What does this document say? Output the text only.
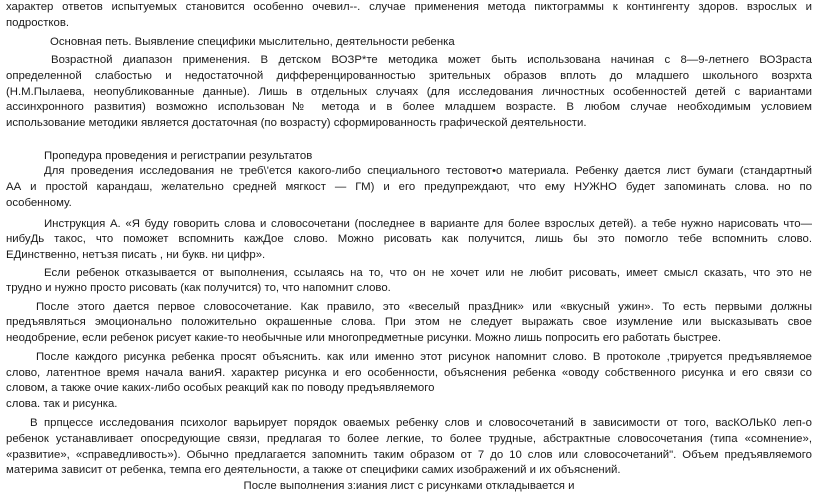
характер ответов испытуемых становится особенно очевил--. случае применения метода пиктограммы к контингенту здоров. взрослых и
подростков.
Основная петь. Выявление специфики мыслительно, деятельности ребенка
Возрастной диапазон применения. В детском ВОЗР*те методика может быть использована начиная с 8—9-летнего ВОЗраста
определенной слабостью и недостаточной дифференцированностью зрительных образов вплоть до младшего школьного возрхта
(Н.М.Пылаева, неопубликованные данные). Лишь в отдельных случаях (для исследования личностных особенностей детей с вариантами
ассинхронного развития) возможно использован№ метода и в более младшем возрасте. В любом случае необходимым условием
использование методики является достаточная (по возрасту) сформированность графической деятельности.
Пропедура проведения и регистрапии результатов
Для проведения исследования не треб\'ется какого-либо специального тестовот•о материала. Ребенку дается лист бумаги (стандартный
АА и простой карандаш, желательно средней мягкост — ГМ) и его предупреждают, что ему НУЖНО будет запоминать слова. но по
особенному.
Инструкция А. «Я буду говорить слова и словосочетани (последнее в варианте для более взрослых детей). а тебе нужно нарисовать что—
нибуДь такос, что поможет вспомнить кажДое слово. Можно рисовать как получится, лишь бы это помогло тебе вспомнить слово.
ЕДинственно, нетъзя писать , ни букв. ни цифр».
Если ребенок отказывается от выполнения, ссылаясь на то, что он не хочет или не любит рисовать, имеет смысл сказать, что это не
трудно и нужно просто рисовать (как получится) то, что напомнит слово.
После этого дается первое словосочетание. Как правило, это «веселый празДник» или «вкусный ужин». То есть первыми должны
предъявляться эмоционально положительно окрашенные слова. При этом не следует выражать свое изумление или высказывать свое
неодобрение, если ребенок рисует какие-то необычные или многопредметные рисунки. Можно лишь попросить его работать быстрее.
После каждого рисунка ребенка просят объяснить. как или именно этот рисунок напомнит слово. В протоколе ,трируется предъявляемое
слово, латентное время начала ваниЯ. характер рисунка и его особенности, объяснения ребенка «оводу собственного рисунка и его связи со
словом, а также очие каких-либо особых реакций как по поводу предъявляемого
слова. так и рисунка.
В прпцессе исследования психолог варьирует порядок оваемых ребенку слов и словосочетаний в зависимости от того, васКОЛЬК0 леп-о
ребенок устанавливает опосредующие связи, предлагая то более легкие, то более трудные, абстрактные словосочетания (типа «сомнение»,
«развитие», «справедливость»). Обычно предлагается запомнить таким образом от 7 до 10 слов или словосочетаний". Объем предъявляемого
материма зависит от ребенка, темпа его деятельности, а также от специфики самих изображений и их объяснений.
После выполнения з:иания лист с рисунками откладывается и
